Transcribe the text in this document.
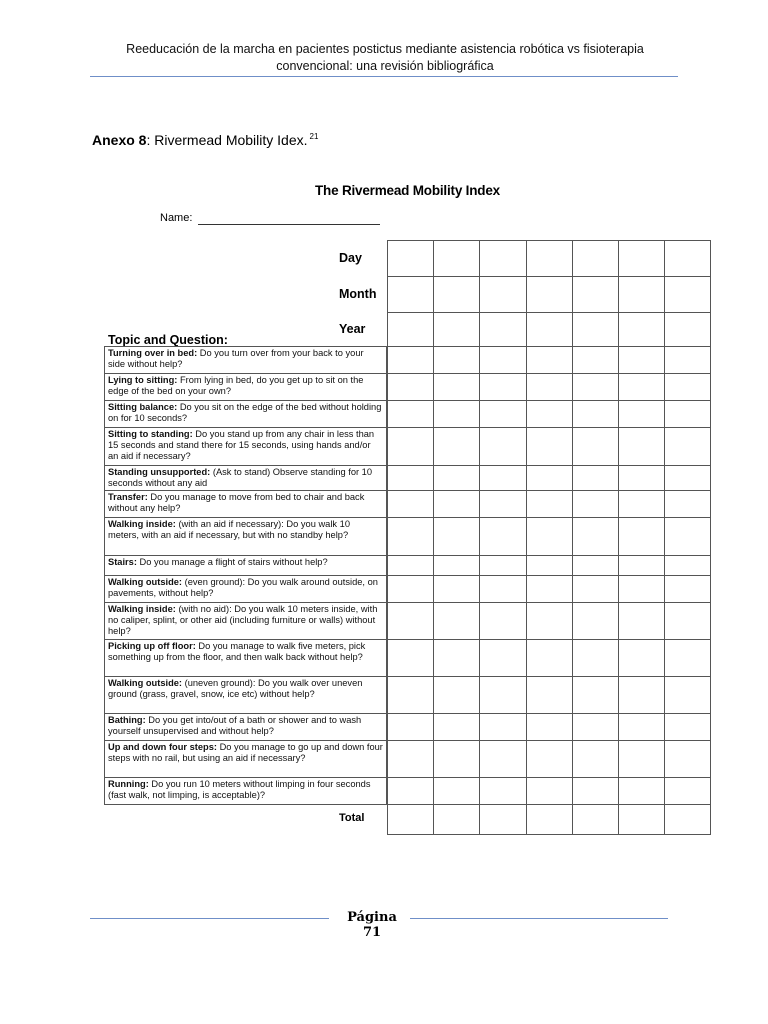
Reeducación de la marcha en pacientes postictus mediante asistencia robótica vs fisioterapia
convencional: una revisión bibliográfica
Anexo 8: Rivermead Mobility Idex. $^{21}$
The Rivermead Mobility Index
Name:
Day
Month
Year
Topic and Question:
Turning over in bed: Do you turn over from your back to your side without help?
Lying to sitting: From lying in bed, do you get up to sit on the edge of the bed on your own?
Sitting balance: Do you sit on the edge of the bed without holding on for 10 seconds?
Sitting to standing: Do you stand up from any chair in less than 15 seconds and stand there for 15 seconds, using hands and/or an aid if necessary?
Standing unsupported: (Ask to stand) Observe standing for 10 seconds without any aid
Transfer: Do you manage to move from bed to chair and back without any help?
Walking inside: (with an aid if necessary): Do you walk 10 meters, with an aid if necessary, but with no standby help?
Stairs: Do you manage a flight of stairs without help?
Walking outside: (even ground): Do you walk around outside, on pavements, without help?
Walking inside: (with no aid): Do you walk 10 meters inside, with no caliper, splint, or other aid (including furniture or walls) without help?
Picking up off floor: Do you manage to walk five meters, pick something up from the floor, and then walk back without help?
Walking outside: (uneven ground): Do you walk over uneven ground (grass, gravel, snow, ice etc) without help?
Bathing: Do you get into/out of a bath or shower and to wash yourself unsupervised and without help?
Up and down four steps: Do you manage to go up and down four steps with no rail, but using an aid if necessary?
Running: Do you run 10 meters without limping in four seconds (fast walk, not limping, is acceptable)?

Total
Página 71
